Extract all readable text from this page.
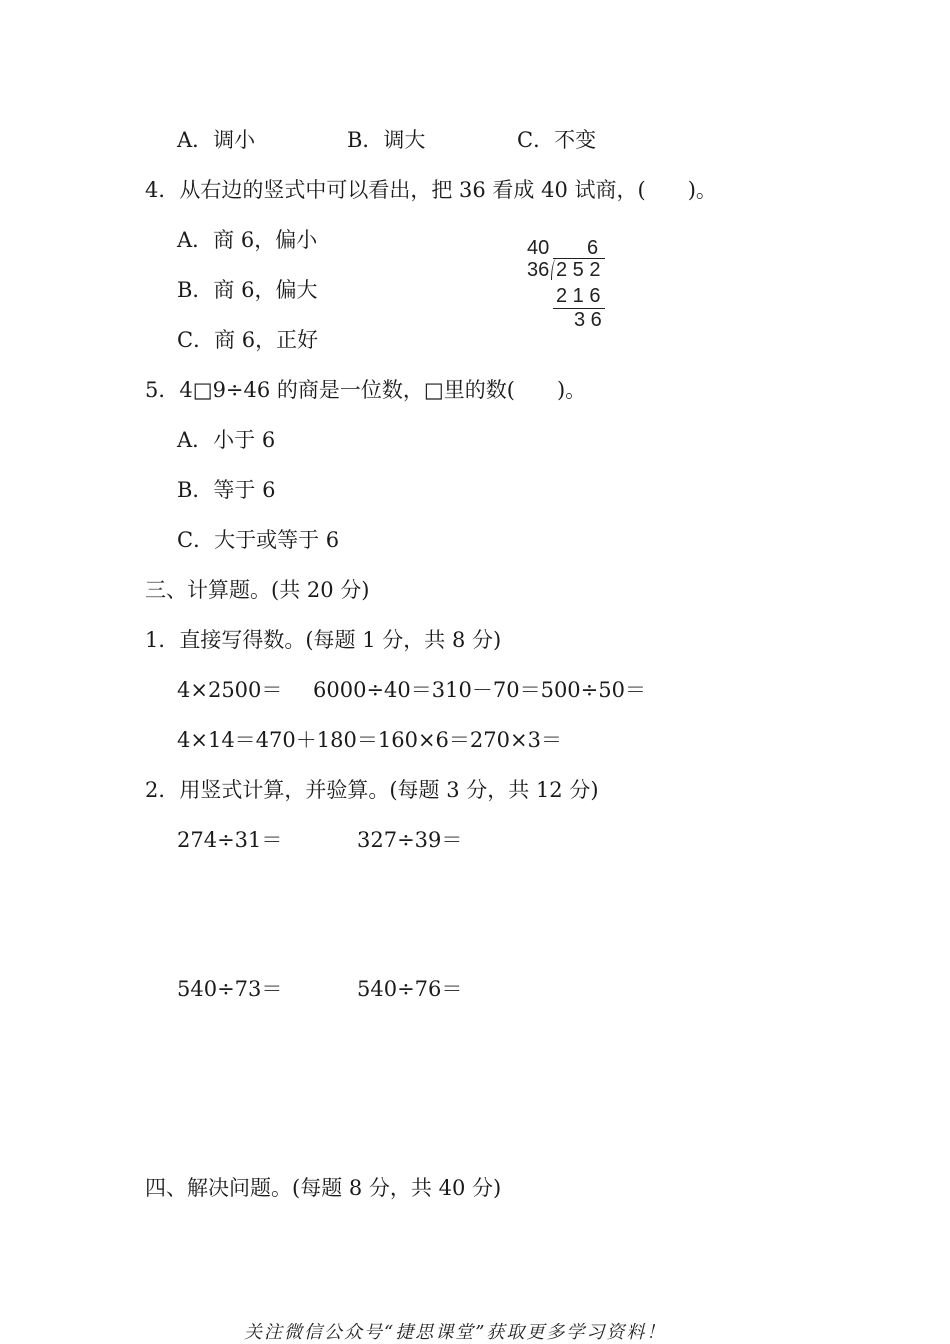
A．调小	B．调大	C．不变
4．从右边的竖式中可以看出，把 36 看成 40 试商，(　　)。
A．商 6，偏小
B．商 6，偏大
C．商 6，正好
40 6
36 2 5 2
2 1 6
3 6
5．4□9÷46 的商是一位数，□里的数(　　)。
A．小于 6
B．等于 6
C．大于或等于 6
三、计算题。(共 20 分)
1．直接写得数。(每题 1 分，共 8 分)
4×2500＝ 6000÷40＝310－70＝500÷50＝
4×14＝470＋180＝160×6＝270×3＝
2．用竖式计算，并验算。(每题 3 分，共 12 分)
274÷31＝	327÷39＝
540÷73＝	540÷76＝
四、解决问题。(每题 8 分，共 40 分)
关注微信公众号“捷思课堂”获取更多学习资料！
